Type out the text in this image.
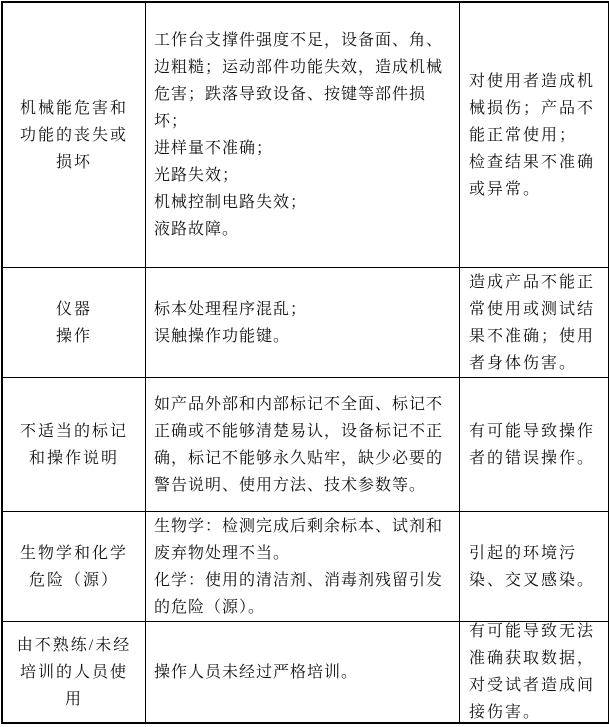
机械能危害和功能的丧失或损坏

工作台支撑件强度不足，设备面、角、边粗糙；运动部件功能失效，造成机械危害；跌落导致设备、按键等部件损坏；

进样量不准确；

光路失效；

机械控制电路失效；

液路故障。

对使用者造成机械损伤；产品不能正常使用；

检查结果不准确或异常。

仪器

操作

标本处理程序混乱；

误触操作功能键。

造成产品不能正常使用或测试结果不准确；使用者身体伤害。

不适当的标记和操作说明

如产品外部和内部标记不全面、标记不正确或不能够清楚易认，设备标记不正确，标记不能够永久贴牢，缺少必要的警告说明、使用方法、技术参数等。

有可能导致操作者的错误操作。

生物学和化学危险（源）

生物学：检测完成后剩余标本、试剂和废弃物处理不当。

化学：使用的清洁剂、消毒剂残留引发的危险（源）。

引起的环境污染、交叉感染。

由不熟练/未经培训的人员使用

操作人员未经过严格培训。

有可能导致无法准确获取数据，对受试者造成间接伤害。
